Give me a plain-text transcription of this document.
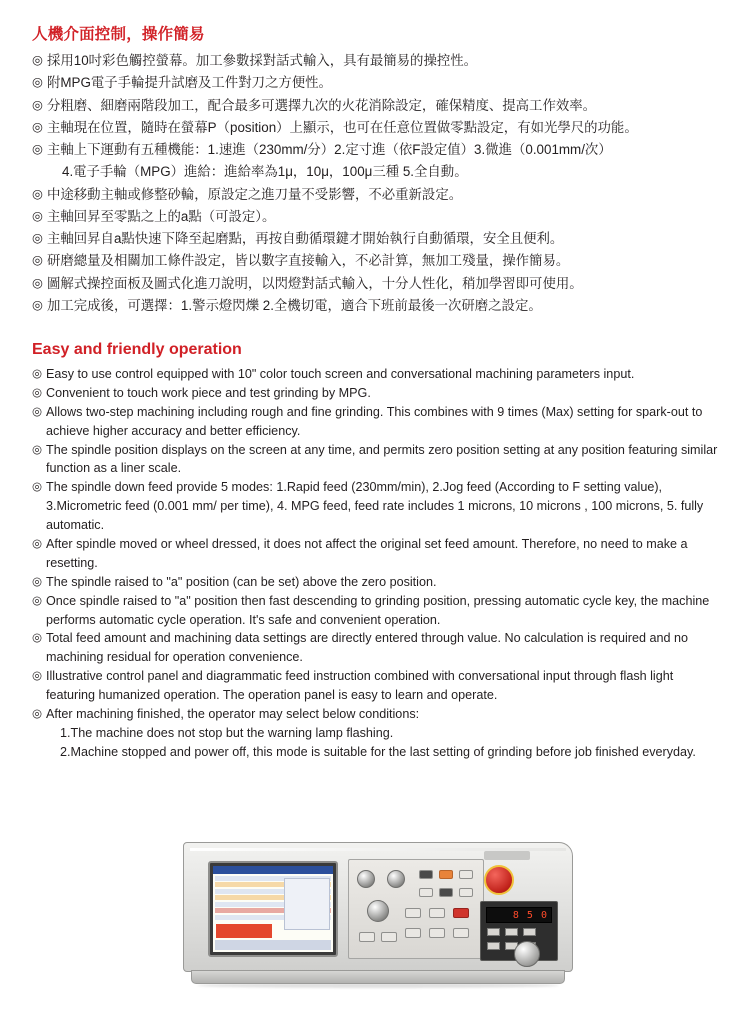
人機介面控制，操作簡易
◎ 採用10吋彩色觸控螢幕。加工參數採對話式輸入，具有最簡易的操控性。
◎ 附MPG電子手輪提升試磨及工件對刀之方便性。
◎ 分粗磨、細磨兩階段加工，配合最多可選擇九次的火花消除設定，確保精度、提高工作效率。
◎ 主軸現在位置，隨時在螢幕P（position）上顯示，也可在任意位置做零點設定，有如光學尺的功能。
◎ 主軸上下運動有五種機能：1.速進（230mm/分）2.定寸進（依F設定值）3.微進（0.001mm/次）
4.電子手輪（MPG）進給：進給率為1μ，10μ，100μ三種 5.全自動。
◎ 中途移動主軸或修整砂輪，原設定之進刀量不受影響，不必重新設定。
◎ 主軸回昇至零點之上的a點（可設定）。
◎ 主軸回昇自a點快速下降至起磨點，再按自動循環鍵才開始執行自動循環，安全且便利。
◎ 研磨總量及相關加工條件設定，皆以數字直接輸入，不必計算，無加工殘量，操作簡易。
◎ 圖解式操控面板及圖式化進刀說明，以閃燈對話式輸入，十分人性化，稍加學習即可使用。
◎ 加工完成後，可選擇：1.警示燈閃爍 2.全機切電，適合下班前最後一次研磨之設定。
Easy and friendly operation
◎ Easy to use control equipped with 10" color touch screen and conversational machining parameters input.
◎ Convenient to touch work piece and test grinding by MPG.
◎ Allows two-step machining including rough and fine grinding. This combines with 9 times (Max) setting for spark-out to achieve higher accuracy and better efficiency.
◎ The spindle position displays on the screen at any time, and permits zero position setting at any position featuring similar function as a liner scale.
◎ The spindle down feed provide 5 modes: 1.Rapid feed (230mm/min), 2.Jog feed (According to F setting value), 3.Micrometric feed (0.001 mm/ per time), 4. MPG feed, feed rate includes 1 microns, 10 microns , 100 microns, 5. fully automatic.
◎ After spindle moved or wheel dressed, it does not affect the original set feed amount. Therefore, no need to make a resetting.
◎ The spindle raised to "a" position (can be set) above the zero position.
◎ Once spindle raised to "a" position then fast descending to grinding position, pressing automatic cycle key, the machine performs automatic cycle operation. It's safe and convenient operation.
◎ Total feed amount and machining data settings are directly entered through value. No calculation is required and no machining residual for operation convenience.
◎ Illustrative control panel and diagrammatic feed instruction combined with conversational input through flash light featuring humanized operation. The operation panel is easy to learn and operate.
◎ After machining finished, the operator may select below conditions:
1.The machine does not stop but the warning lamp flashing.
2.Machine stopped and power off, this mode is suitable for the last setting of grinding before job finished everyday.
8 5 0
